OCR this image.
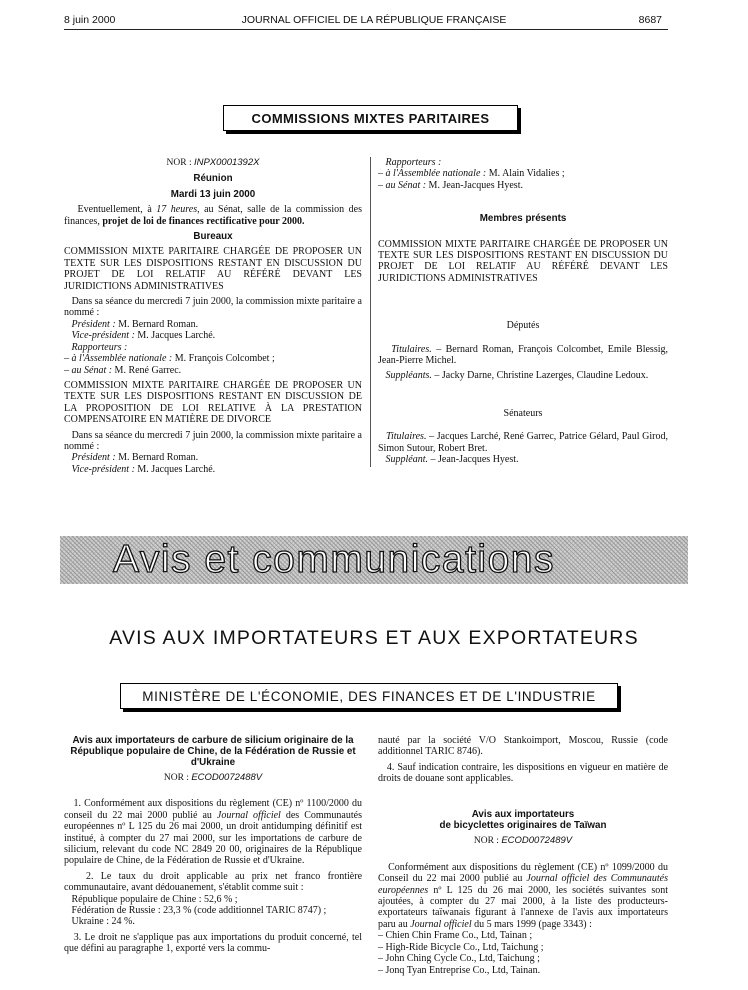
8 juin 2000	JOURNAL OFFICIEL DE LA RÉPUBLIQUE FRANÇAISE	8687
COMMISSIONS MIXTES PARITAIRES

NOR : INPX0001392X

Réunion

Mardi 13 juin 2000

Eventuellement, à 17 heures, au Sénat, salle de la commission des finances, projet de loi de finances rectificative pour 2000.

Bureaux

COMMISSION MIXTE PARITAIRE CHARGÉE DE PROPOSER UN TEXTE SUR LES DISPOSITIONS RESTANT EN DISCUSSION DU PROJET DE LOI RELATIF AU RÉFÉRÉ DEVANT LES JURIDICTIONS ADMINISTRATIVES

Dans sa séance du mercredi 7 juin 2000, la commission mixte paritaire a nommé :

Président : M. Bernard Roman.

Vice-président : M. Jacques Larché.

Rapporteurs :

– à l'Assemblée nationale : M. François Colcombet ;

– au Sénat : M. René Garrec.

COMMISSION MIXTE PARITAIRE CHARGÉE DE PROPOSER UN TEXTE SUR LES DISPOSITIONS RESTANT EN DISCUSSION DE LA PROPOSITION DE LOI RELATIVE À LA PRESTATION COMPENSATOIRE EN MATIÈRE DE DIVORCE

Dans sa séance du mercredi 7 juin 2000, la commission mixte paritaire a nommé :

Président : M. Bernard Roman.

Vice-président : M. Jacques Larché.

Rapporteurs :

– à l'Assemblée nationale : M. Alain Vidalies ;

– au Sénat : M. Jean-Jacques Hyest.

Membres présents

COMMISSION MIXTE PARITAIRE CHARGÉE DE PROPOSER UN TEXTE SUR LES DISPOSITIONS RESTANT EN DISCUSSION DU PROJET DE LOI RELATIF AU RÉFÉRÉ DEVANT LES JURIDICTIONS ADMINISTRATIVES

Députés

Titulaires. – Bernard Roman, François Colcombet, Emile Blessig, Jean-Pierre Michel.

Suppléants. – Jacky Darne, Christine Lazerges, Claudine Ledoux.

Sénateurs

Titulaires. – Jacques Larché, René Garrec, Patrice Gélard, Paul Girod, Simon Sutour, Robert Bret.

Suppléant. – Jean-Jacques Hyest.

Avis et communications
AVIS AUX IMPORTATEURS ET AUX EXPORTATEURS
MINISTÈRE DE L'ÉCONOMIE, DES FINANCES ET DE L'INDUSTRIE

Avis aux importateurs de carbure de silicium originaire de la République populaire de Chine, de la Fédération de Russie et d'Ukraine

NOR : ECOD0072488V

1. Conformément aux dispositions du règlement (CE) nº 1100/2000 du conseil du 22 mai 2000 publié au Journal officiel des Communautés européennes nº L 125 du 26 mai 2000, un droit antidumping définitif est institué, à compter du 27 mai 2000, sur les importations de carbure de silicium, relevant du code NC 2849 20 00, originaires de la République populaire de Chine, de la Fédération de Russie et d'Ukraine.

2. Le taux du droit applicable au prix net franco frontière communautaire, avant dédouanement, s'établit comme suit :

République populaire de Chine : 52,6 % ;

Fédération de Russie : 23,3 % (code additionnel TARIC 8747) ;

Ukraine : 24 %.

3. Le droit ne s'applique pas aux importations du produit concerné, tel que défini au paragraphe 1, exporté vers la commu-

nauté par la société V/O Stankoimport, Moscou, Russie (code additionnel TARIC 8746).

4. Sauf indication contraire, les dispositions en vigueur en matière de droits de douane sont applicables.

Avis aux importateurs

de bicyclettes originaires de Taïwan

NOR : ECOD0072489V

Conformément aux dispositions du règlement (CE) nº 1099/2000 du Conseil du 22 mai 2000 publié au Journal officiel des Communautés européennes nº L 125 du 26 mai 2000, les sociétés suivantes sont ajoutées, à compter du 27 mai 2000, à la liste des producteurs-exportateurs taïwanais figurant à l'annexe de l'avis aux importateurs paru au Journal officiel du 5 mars 1999 (page 3343) :

– Chien Chin Frame Co., Ltd, Tainan ;

– High-Ride Bicycle Co., Ltd, Taichung ;

– John Ching Cycle Co., Ltd, Taichung ;

– Jonq Tyan Entreprise Co., Ltd, Tainan.
